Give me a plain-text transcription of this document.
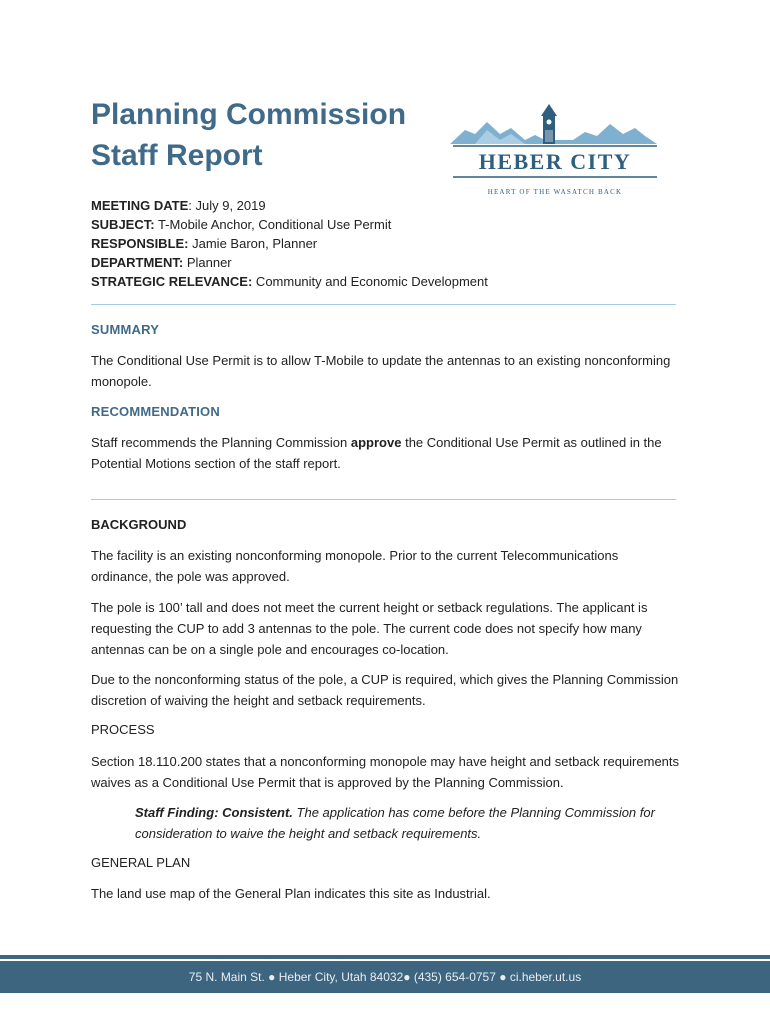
Planning Commission
Staff Report	HEBER CITY
HEART OF THE WASATCH BACK
MEETING DATE: July 9, 2019
SUBJECT: T-Mobile Anchor, Conditional Use Permit
RESPONSIBLE: Jamie Baron, Planner
DEPARTMENT: Planner
STRATEGIC RELEVANCE: Community and Economic Development
SUMMARY

The Conditional Use Permit is to allow T-Mobile to update the antennas to an existing nonconforming monopole.

RECOMMENDATION

Staff recommends the Planning Commission approve the Conditional Use Permit as outlined in the Potential Motions section of the staff report.

BACKGROUND

The facility is an existing nonconforming monopole. Prior to the current Telecommunications ordinance, the pole was approved.

The pole is 100’ tall and does not meet the current height or setback regulations. The applicant is requesting the CUP to add 3 antennas to the pole. The current code does not specify how many antennas can be on a single pole and encourages co-location.

Due to the nonconforming status of the pole, a CUP is required, which gives the Planning Commission discretion of waiving the height and setback requirements.

PROCESS

Section 18.110.200 states that a nonconforming monopole may have height and setback requirements waives as a Conditional Use Permit that is approved by the Planning Commission.

Staff Finding: Consistent. The application has come before the Planning Commission for consideration to waive the height and setback requirements.

GENERAL PLAN

The land use map of the General Plan indicates this site as Industrial.

75 N. Main St. ● Heber City, Utah 84032● (435) 654-0757 ● ci.heber.ut.us
